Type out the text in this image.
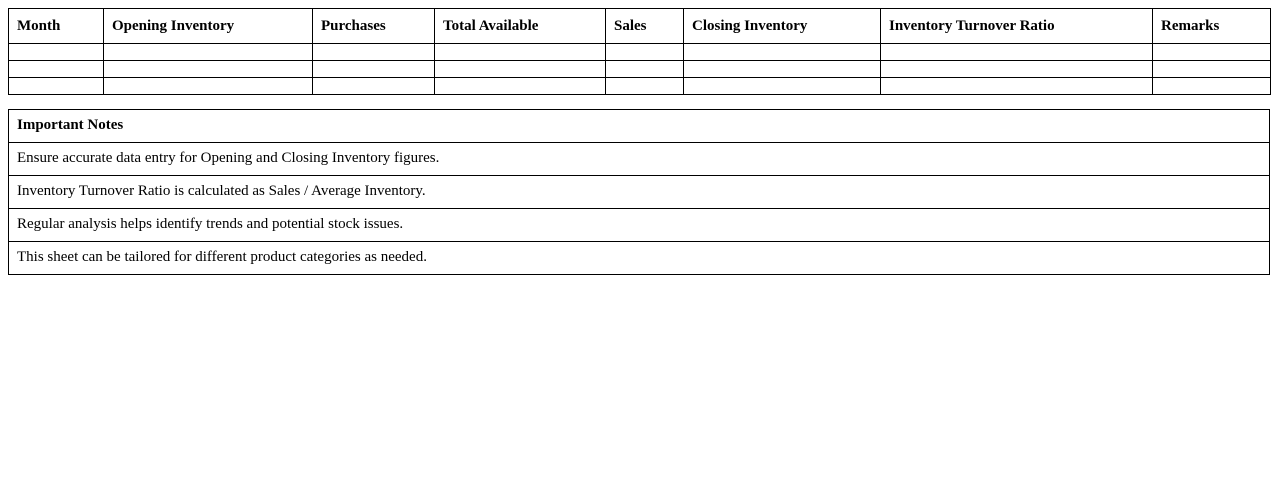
Month	Opening Inventory	Purchases	Total Available	Sales	Closing Inventory	Inventory Turnover Ratio	Remarks

Important Notes
Ensure accurate data entry for Opening and Closing Inventory figures.
Inventory Turnover Ratio is calculated as Sales / Average Inventory.
Regular analysis helps identify trends and potential stock issues.
This sheet can be tailored for different product categories as needed.
